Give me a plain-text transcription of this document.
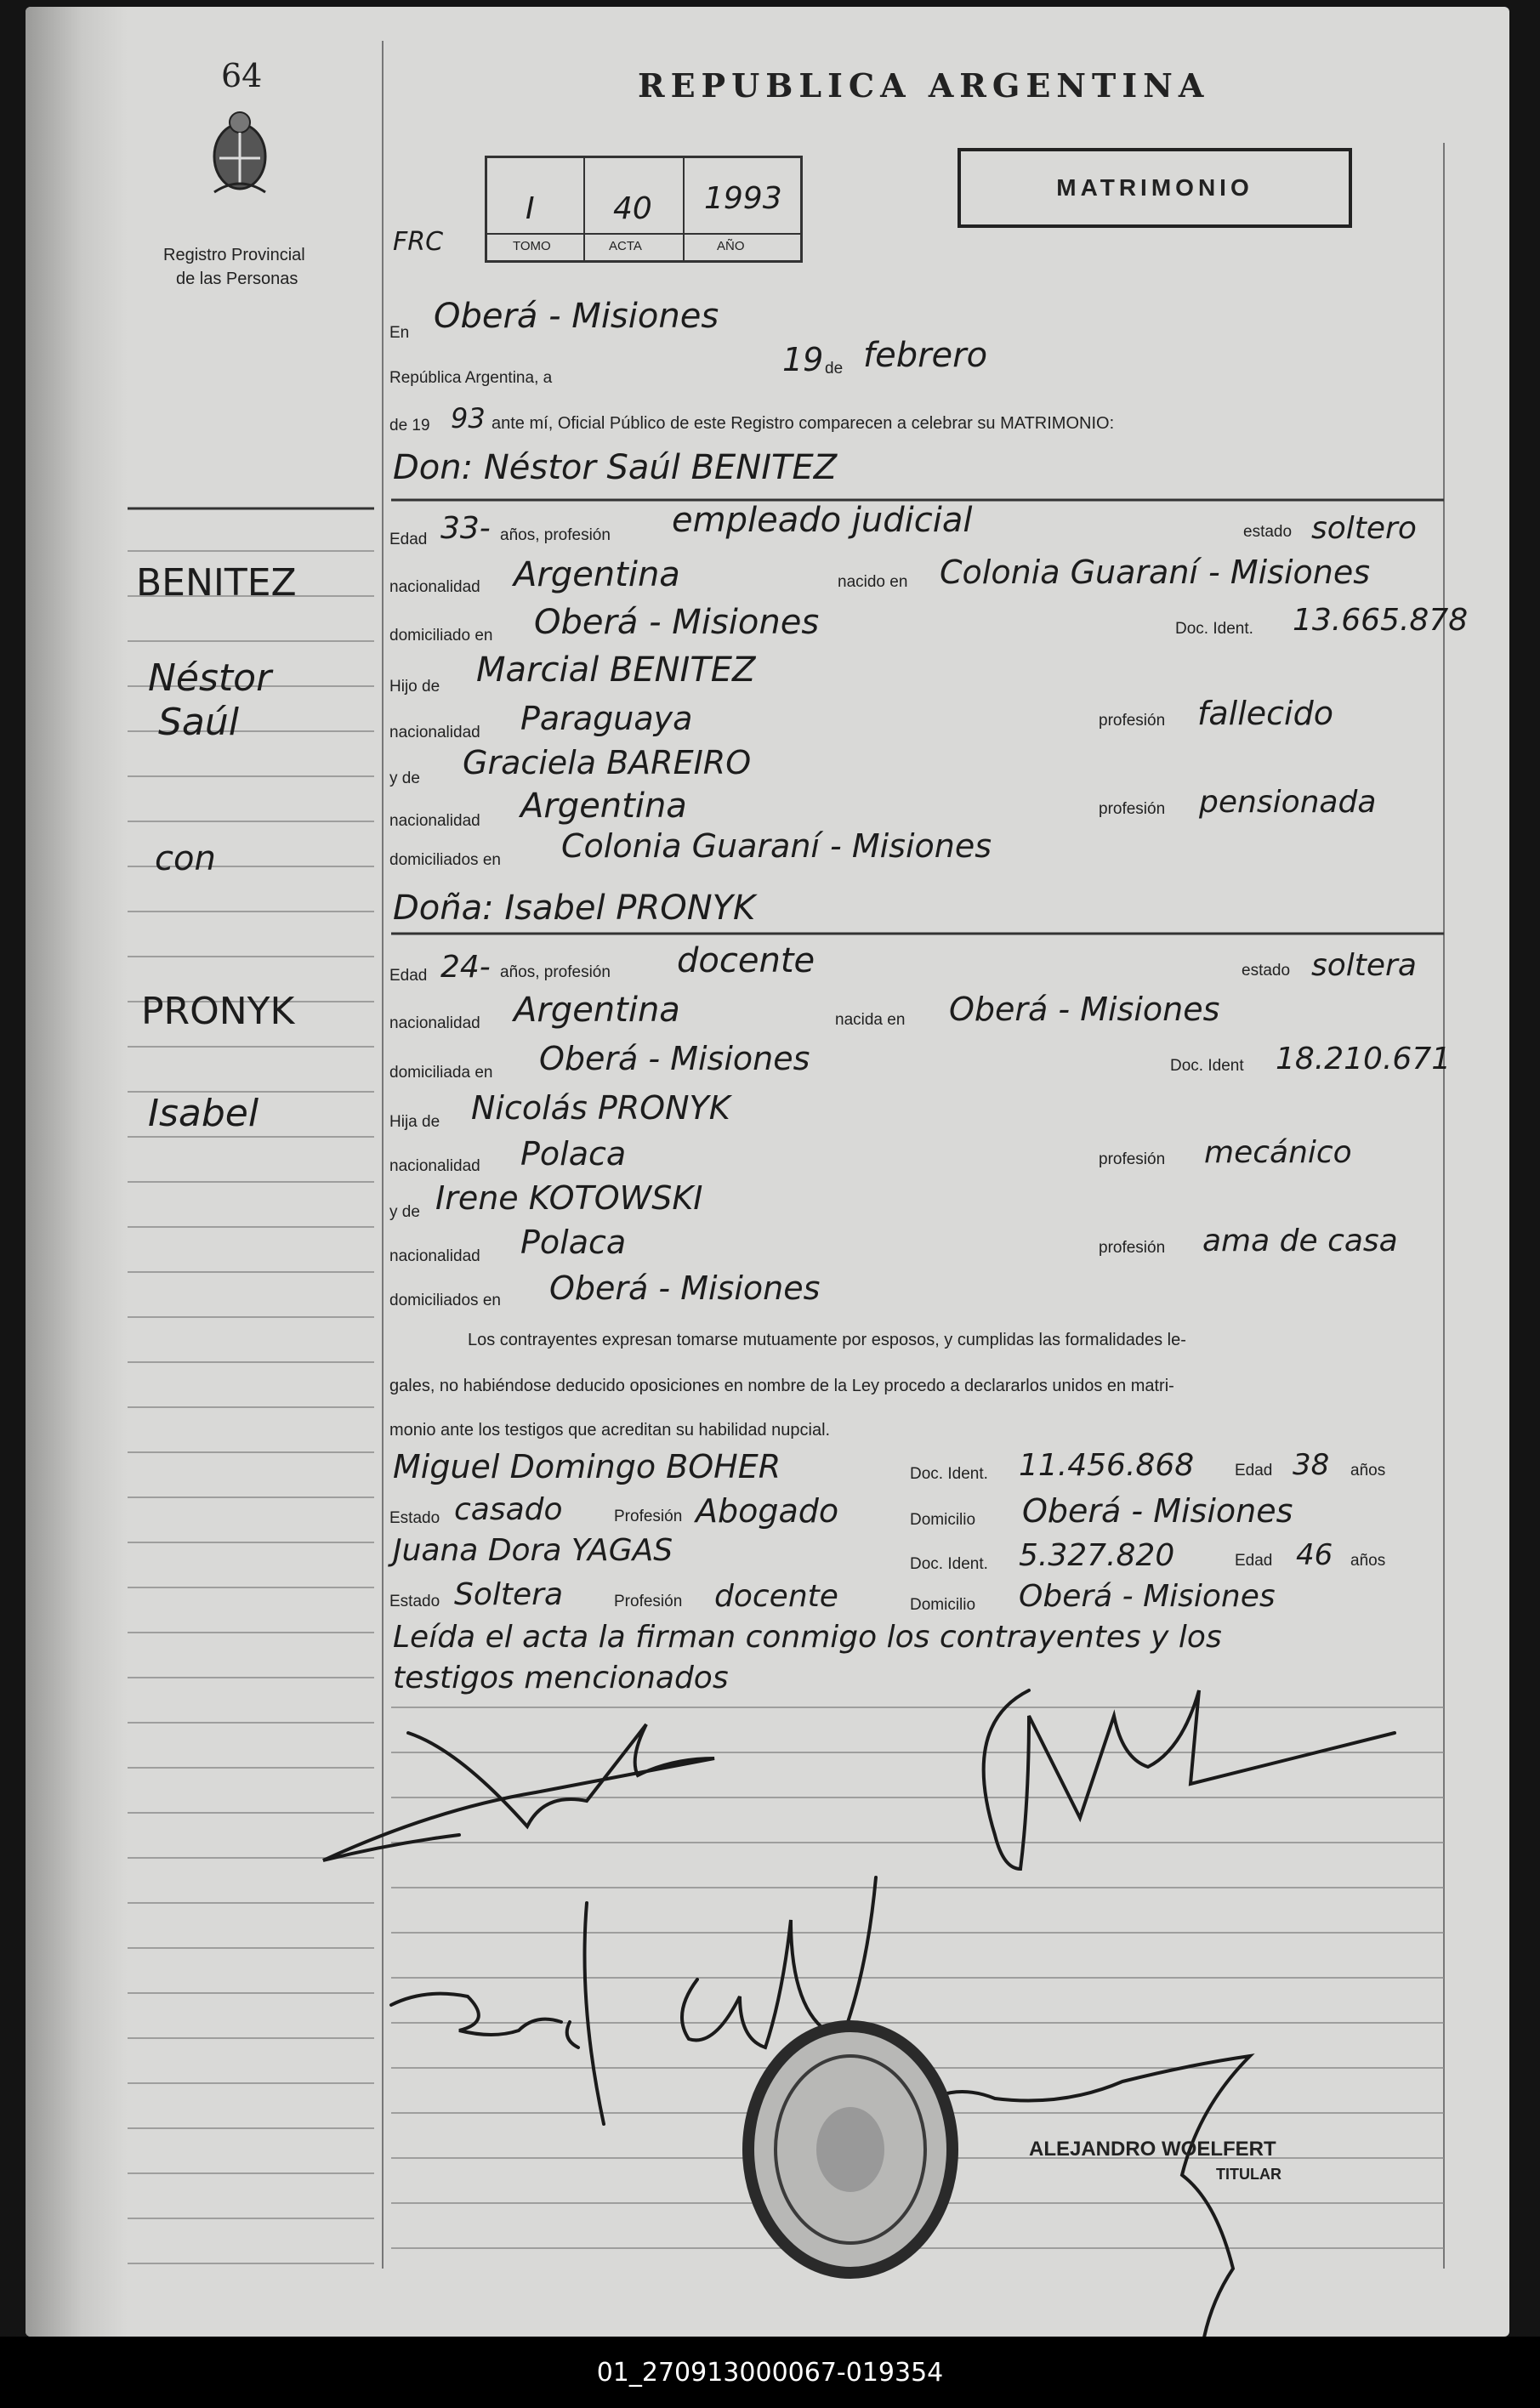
64
Registro Provincial
de las Personas
REPUBLICA ARGENTINA
FRC
I	40 1993
TOMO	ACTA	AÑO
MATRIMONIO
En Oberá - Misiones
República Argentina, a	19 de febrero
de 19 93 ante mí, Oficial Público de este Registro comparecen a celebrar su MATRIMONIO:
Don: Néstor Saúl BENITEZ
Edad 33- años, profesión empleado judicial	estado soltero
nacionalidad Argentina	nacido en Colonia Guaraní - Misiones
domiciliado en Oberá - Misiones	Doc. Ident. 13.665.878
Hijo de Marcial BENITEZ
nacionalidad Paraguaya	profesión fallecido
y de Graciela BAREIRO
nacionalidad Argentina	profesión pensionada
domiciliados en Colonia Guaraní - Misiones
Doña: Isabel PRONYK
Edad 24- años, profesión docente	estado soltera
nacionalidad Argentina	nacida en Oberá - Misiones
domiciliada en Oberá - Misiones	Doc. Ident 18.210.671
Hija de Nicolás PRONYK
nacionalidad Polaca	profesión mecánico
y de Irene KOTOWSKI
nacionalidad Polaca	profesión ama de casa
domiciliados en Oberá - Misiones
Los contrayentes expresan tomarse mutuamente por esposos, y cumplidas las formalidades le-
gales, no habiéndose deducido oposiciones en nombre de la Ley procedo a declararlos unidos en matri-
monio ante los testigos que acreditan su habilidad nupcial.
Miguel Domingo BOHER	Doc. Ident. 11.456.868	Edad 38 años
Estado casado	Profesión Abogado	Domicilio Oberá - Misiones
Juana Dora YAGAS	Doc. Ident. 5.327.820	Edad 46 años
Estado Soltera	Profesión docente	Domicilio Oberá - Misiones
Leída el acta la firman conmigo los contrayentes y los
testigos mencionados
BENITEZ
Néstor
Saúl
con
PRONYK
Isabel
ALEJANDRO WOELFERT
TITULAR
01_270913000067-019354
